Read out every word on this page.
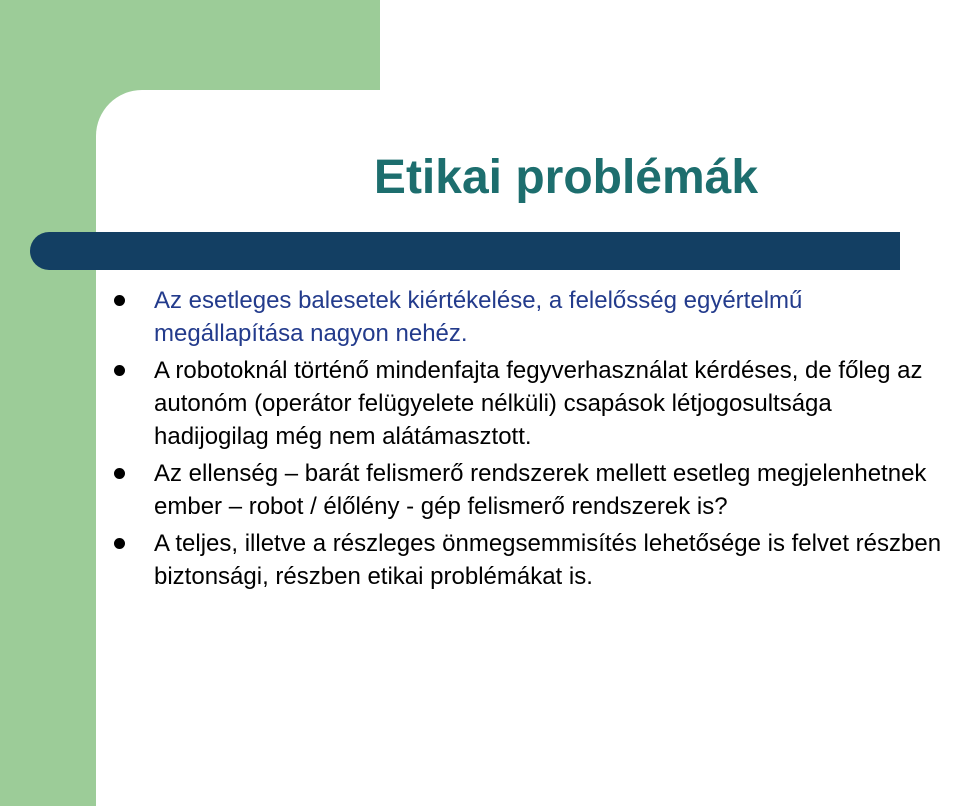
Etikai problémák
Az esetleges balesetek kiértékelése, a felelősség egyértelmű megállapítása nagyon nehéz.
A robotoknál történő mindenfajta fegyverhasználat kérdéses, de főleg az autonóm (operátor felügyelete nélküli) csapások létjogosultsága hadijogilag még nem alátámasztott.
Az ellenség – barát felismerő rendszerek mellett esetleg megjelenhetnek ember – robot / élőlény - gép felismerő rendszerek is?
A teljes, illetve a részleges önmegsemmisítés lehetősége is felvet részben biztonsági, részben etikai problémákat is.
